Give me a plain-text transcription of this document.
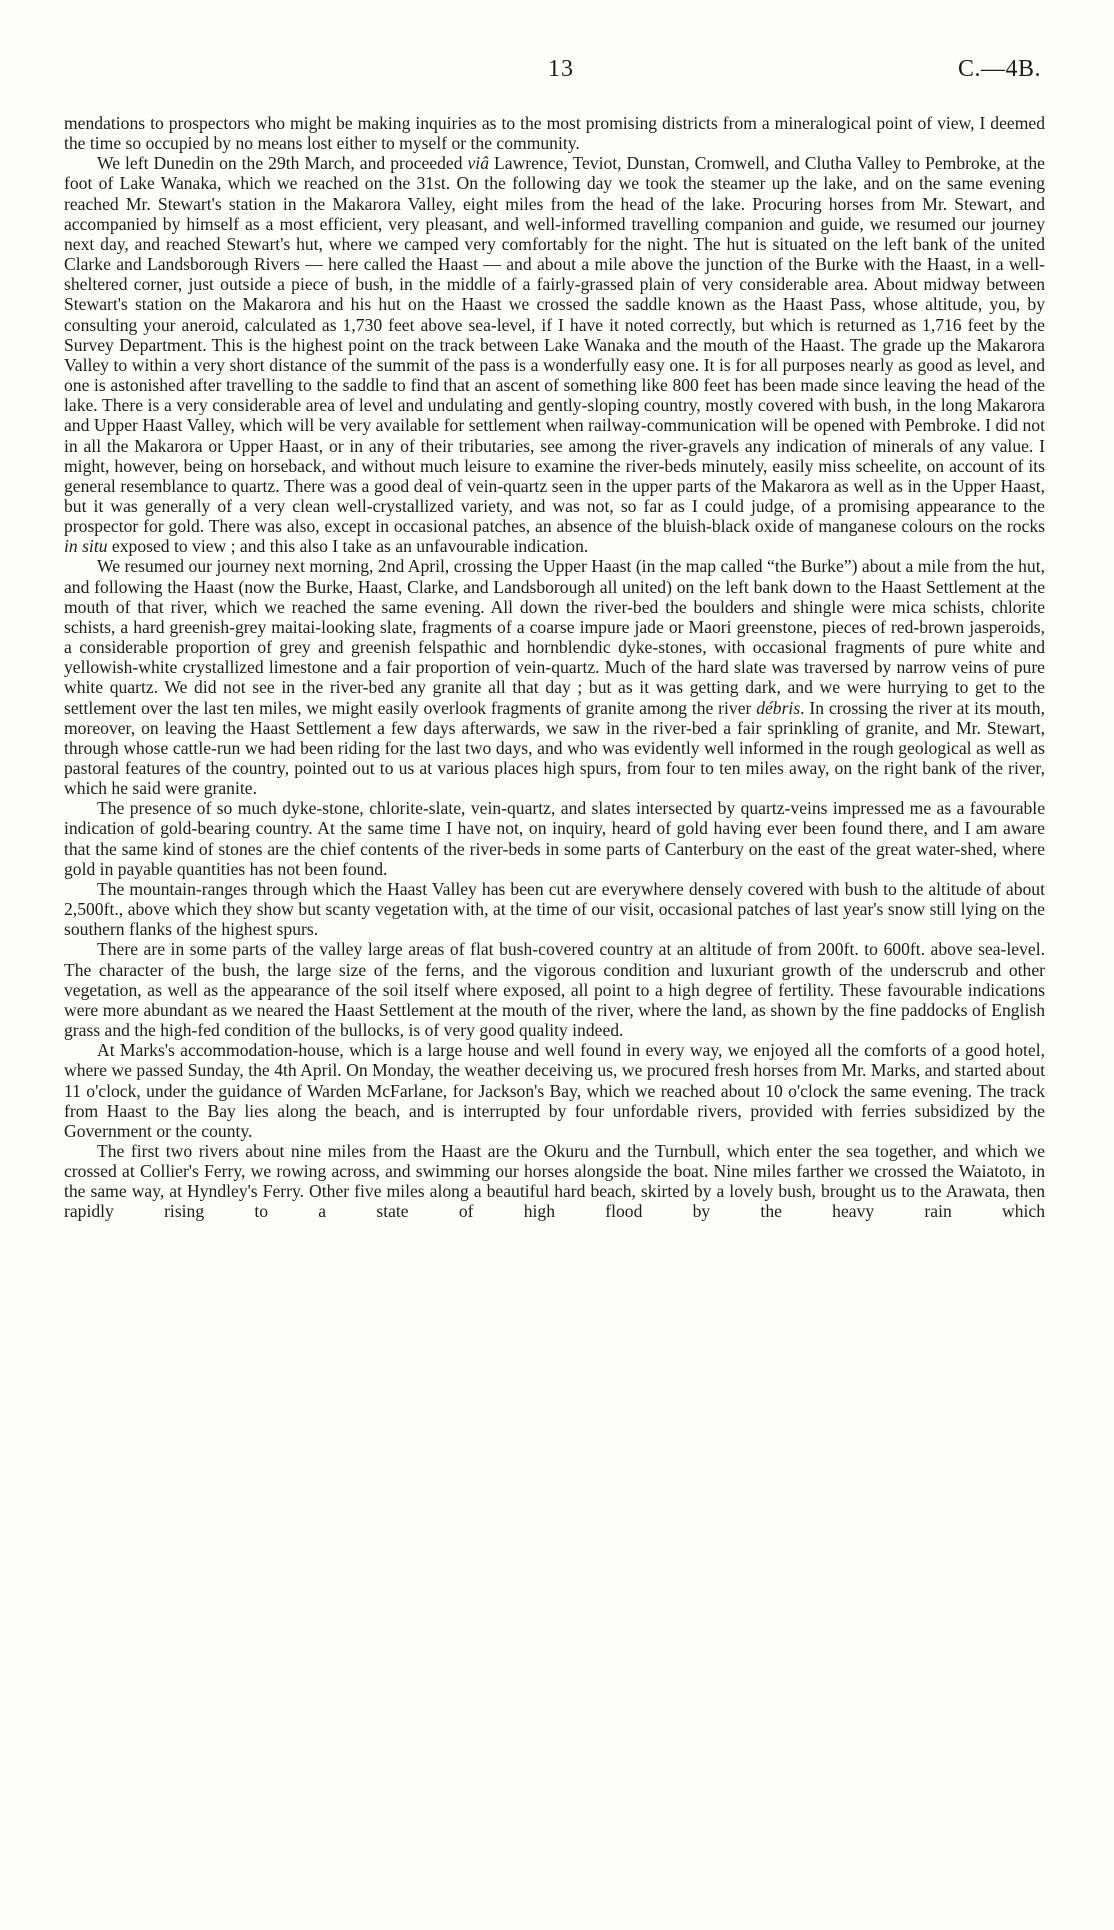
13	C.—4B.

mendations to prospectors who might be making inquiries as to the most promising districts from a mineralogical point of view, I deemed the time so occupied by no means lost either to myself or the community.

We left Dunedin on the 29th March, and proceeded viâ Lawrence, Teviot, Dunstan, Cromwell, and Clutha Valley to Pembroke, at the foot of Lake Wanaka, which we reached on the 31st. On the following day we took the steamer up the lake, and on the same evening reached Mr. Stewart's station in the Makarora Valley, eight miles from the head of the lake. Procuring horses from Mr. Stewart, and accompanied by himself as a most efficient, very pleasant, and well-informed travelling companion and guide, we resumed our journey next day, and reached Stewart's hut, where we camped very comfortably for the night. The hut is situated on the left bank of the united Clarke and Landsborough Rivers — here called the Haast — and about a mile above the junction of the Burke with the Haast, in a well-sheltered corner, just outside a piece of bush, in the middle of a fairly-grassed plain of very considerable area. About midway between Stewart's station on the Makarora and his hut on the Haast we crossed the saddle known as the Haast Pass, whose altitude, you, by consulting your aneroid, calculated as 1,730 feet above sea-level, if I have it noted correctly, but which is returned as 1,716 feet by the Survey Department. This is the highest point on the track between Lake Wanaka and the mouth of the Haast. The grade up the Makarora Valley to within a very short distance of the summit of the pass is a wonderfully easy one. It is for all purposes nearly as good as level, and one is astonished after travelling to the saddle to find that an ascent of something like 800 feet has been made since leaving the head of the lake. There is a very considerable area of level and undulating and gently-sloping country, mostly covered with bush, in the long Makarora and Upper Haast Valley, which will be very available for settlement when railway-communication will be opened with Pembroke. I did not in all the Makarora or Upper Haast, or in any of their tributaries, see among the river-gravels any indication of minerals of any value. I might, however, being on horseback, and without much leisure to examine the river-beds minutely, easily miss scheelite, on account of its general resemblance to quartz. There was a good deal of vein-quartz seen in the upper parts of the Makarora as well as in the Upper Haast, but it was generally of a very clean well-crystallized variety, and was not, so far as I could judge, of a promising appearance to the prospector for gold. There was also, except in occasional patches, an absence of the bluish-black oxide of manganese colours on the rocks in situ exposed to view ; and this also I take as an unfavourable indication.

We resumed our journey next morning, 2nd April, crossing the Upper Haast (in the map called “the Burke”) about a mile from the hut, and following the Haast (now the Burke, Haast, Clarke, and Landsborough all united) on the left bank down to the Haast Settlement at the mouth of that river, which we reached the same evening. All down the river-bed the boulders and shingle were mica schists, chlorite schists, a hard greenish-grey maitai-looking slate, fragments of a coarse impure jade or Maori greenstone, pieces of red-brown jasperoids, a considerable proportion of grey and greenish felspathic and hornblendic dyke-stones, with occasional fragments of pure white and yellowish-white crystallized limestone and a fair proportion of vein-quartz. Much of the hard slate was traversed by narrow veins of pure white quartz. We did not see in the river-bed any granite all that day ; but as it was getting dark, and we were hurrying to get to the settlement over the last ten miles, we might easily overlook fragments of granite among the river débris. In crossing the river at its mouth, moreover, on leaving the Haast Settlement a few days afterwards, we saw in the river-bed a fair sprinkling of granite, and Mr. Stewart, through whose cattle-run we had been riding for the last two days, and who was evidently well informed in the rough geological as well as pastoral features of the country, pointed out to us at various places high spurs, from four to ten miles away, on the right bank of the river, which he said were granite.

The presence of so much dyke-stone, chlorite-slate, vein-quartz, and slates intersected by quartz-veins impressed me as a favourable indication of gold-bearing country. At the same time I have not, on inquiry, heard of gold having ever been found there, and I am aware that the same kind of stones are the chief contents of the river-beds in some parts of Canterbury on the east of the great water-shed, where gold in payable quantities has not been found.

The mountain-ranges through which the Haast Valley has been cut are everywhere densely covered with bush to the altitude of about 2,500ft., above which they show but scanty vegetation with, at the time of our visit, occasional patches of last year's snow still lying on the southern flanks of the highest spurs.

There are in some parts of the valley large areas of flat bush-covered country at an altitude of from 200ft. to 600ft. above sea-level. The character of the bush, the large size of the ferns, and the vigorous condition and luxuriant growth of the underscrub and other vegetation, as well as the appearance of the soil itself where exposed, all point to a high degree of fertility. These favourable indications were more abundant as we neared the Haast Settlement at the mouth of the river, where the land, as shown by the fine paddocks of English grass and the high-fed condition of the bullocks, is of very good quality indeed.

At Marks's accommodation-house, which is a large house and well found in every way, we enjoyed all the comforts of a good hotel, where we passed Sunday, the 4th April. On Monday, the weather deceiving us, we procured fresh horses from Mr. Marks, and started about 11 o'clock, under the guidance of Warden McFarlane, for Jackson's Bay, which we reached about 10 o'clock the same evening. The track from Haast to the Bay lies along the beach, and is interrupted by four unfordable rivers, provided with ferries subsidized by the Government or the county.

The first two rivers about nine miles from the Haast are the Okuru and the Turnbull, which enter the sea together, and which we crossed at Collier's Ferry, we rowing across, and swimming our horses alongside the boat. Nine miles farther we crossed the Waiatoto, in the same way, at Hyndley's Ferry. Other five miles along a beautiful hard beach, skirted by a lovely bush, brought us to the Arawata, then rapidly rising to a state of high flood by the heavy rain which
